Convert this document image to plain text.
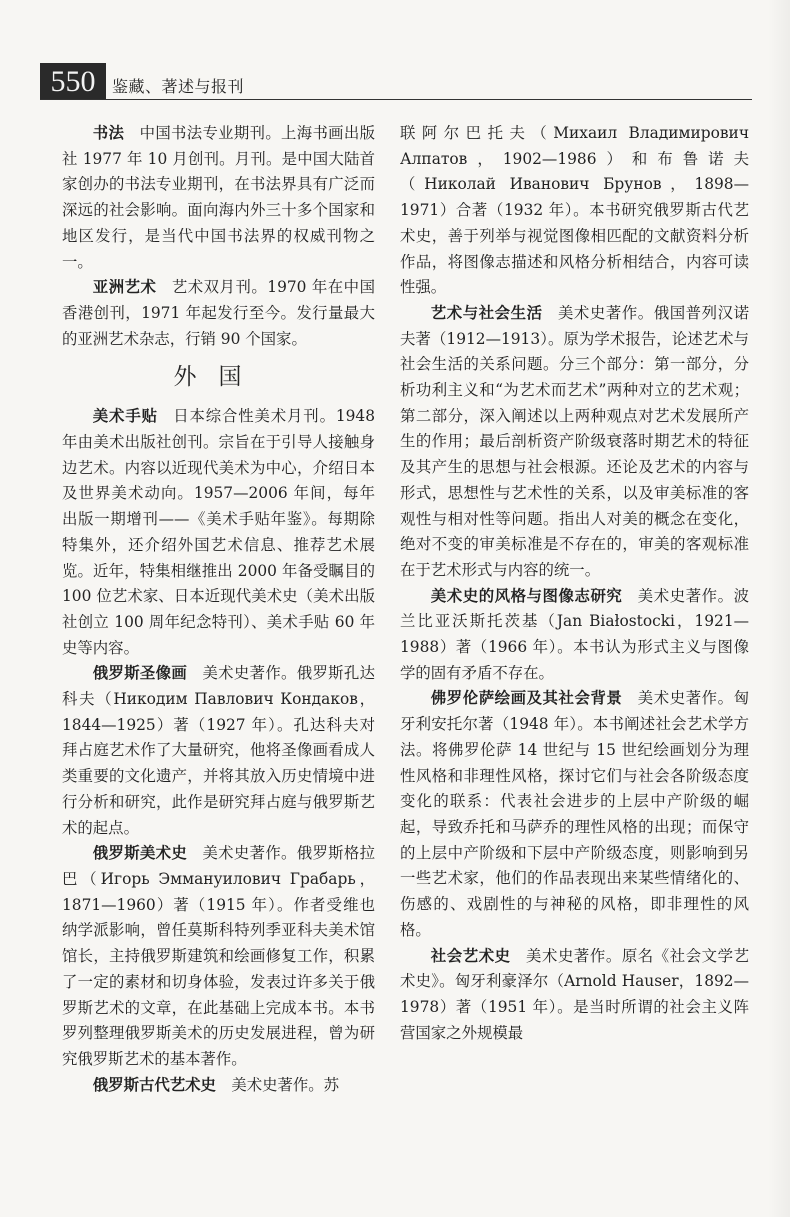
550	鉴藏、著述与报刊

书法 中国书法专业期刊。上海书画出版社 1977 年 10 月创刊。月刊。是中国大陆首家创办的书法专业期刊，在书法界具有广泛而深远的社会影响。面向海内外三十多个国家和地区发行，是当代中国书法界的权威刊物之一。

亚洲艺术 艺术双月刊。1970 年在中国香港创刊，1971 年起发行至今。发行量最大的亚洲艺术杂志，行销 90 个国家。

外国

美术手贴 日本综合性美术月刊。1948 年由美术出版社创刊。宗旨在于引导人接触身边艺术。内容以近现代美术为中心，介绍日本及世界美术动向。1957—2006 年间，每年出版一期增刊——《美术手贴年鉴》。每期除特集外，还介绍外国艺术信息、推荐艺术展览。近年，特集相继推出 2000 年备受瞩目的 100 位艺术家、日本近现代美术史（美术出版社创立 100 周年纪念特刊）、美术手贴 60 年史等内容。

俄罗斯圣像画 美术史著作。俄罗斯孔达科夫（Никодим Павлович Кондаков，1844—1925）著（1927 年）。孔达科夫对拜占庭艺术作了大量研究，他将圣像画看成人类重要的文化遗产，并将其放入历史情境中进行分析和研究，此作是研究拜占庭与俄罗斯艺术的起点。

俄罗斯美术史 美术史著作。俄罗斯格拉巴（Игорь Эммануилович Грабарь，1871—1960）著（1915 年）。作者受维也纳学派影响，曾任莫斯科特列季亚科夫美术馆馆长，主持俄罗斯建筑和绘画修复工作，积累了一定的素材和切身体验，发表过许多关于俄罗斯艺术的文章，在此基础上完成本书。本书罗列整理俄罗斯美术的历史发展进程，曾为研究俄罗斯艺术的基本著作。

俄罗斯古代艺术史 美术史著作。苏

联阿尔巴托夫（Михаил Владимирович Алпатов，1902—1986）和布鲁诺夫（Николай Иванович Брунов，1898—1971）合著（1932 年）。本书研究俄罗斯古代艺术史，善于列举与视觉图像相匹配的文献资料分析作品，将图像志描述和风格分析相结合，内容可读性强。

艺术与社会生活 美术史著作。俄国普列汉诺夫著（1912—1913）。原为学术报告，论述艺术与社会生活的关系问题。分三个部分：第一部分，分析功利主义和“为艺术而艺术”两种对立的艺术观；第二部分，深入阐述以上两种观点对艺术发展所产生的作用；最后剖析资产阶级衰落时期艺术的特征及其产生的思想与社会根源。还论及艺术的内容与形式，思想性与艺术性的关系，以及审美标准的客观性与相对性等问题。指出人对美的概念在变化，绝对不变的审美标准是不存在的，审美的客观标准在于艺术形式与内容的统一。

美术史的风格与图像志研究 美术史著作。波兰比亚沃斯托茨基（Jan Białostocki，1921—1988）著（1966 年）。本书认为形式主义与图像学的固有矛盾不存在。

佛罗伦萨绘画及其社会背景 美术史著作。匈牙利安托尔著（1948 年）。本书阐述社会艺术学方法。将佛罗伦萨 14 世纪与 15 世纪绘画划分为理性风格和非理性风格，探讨它们与社会各阶级态度变化的联系：代表社会进步的上层中产阶级的崛起，导致乔托和马萨乔的理性风格的出现；而保守的上层中产阶级和下层中产阶级态度，则影响到另一些艺术家，他们的作品表现出来某些情绪化的、伤感的、戏剧性的与神秘的风格，即非理性的风格。

社会艺术史 美术史著作。原名《社会文学艺术史》。匈牙利豪泽尔（Arnold Hauser，1892—1978）著（1951 年）。是当时所谓的社会主义阵营国家之外规模最
